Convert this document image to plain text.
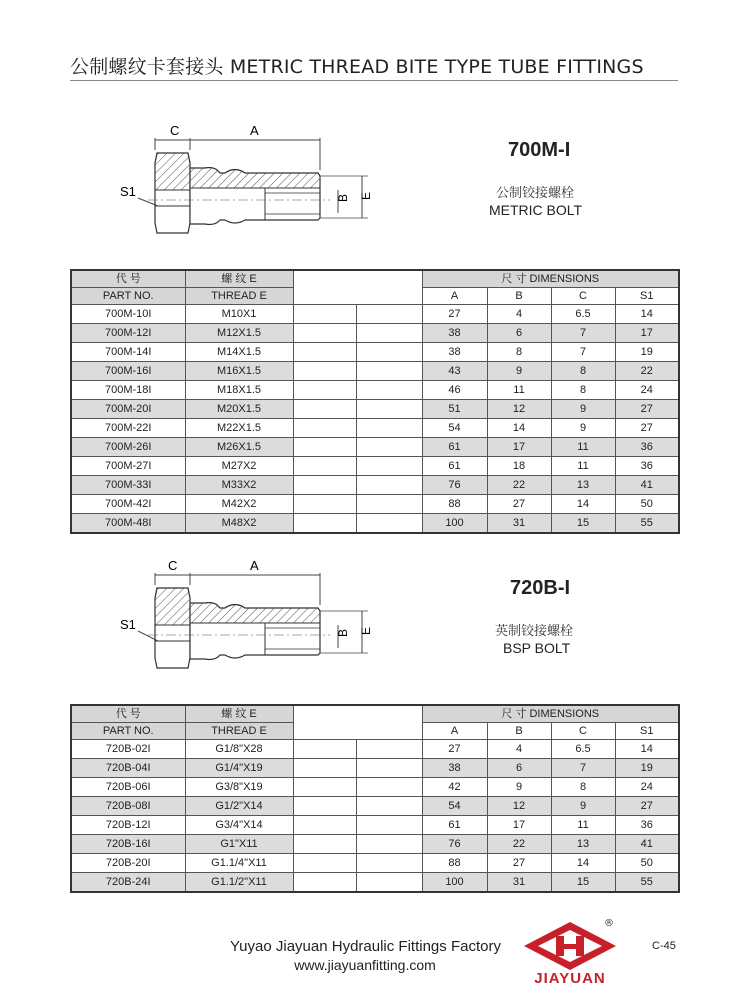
公制螺纹卡套接头 METRIC THREAD BITE TYPE TUBE FITTINGS
C	A
S1	B E
700M-I
公制铰接螺栓
METRIC BOLT
代 号	螺 纹 E			尺 寸 DIMENSIONS			
PART NO.	THREAD E			A	B	C	S1
700M-10I	M10X1			27	4	6.5	14
700M-12I	M12X1.5			38	6	7	17
700M-14I	M14X1.5			38	8	7	19
700M-16I	M16X1.5			43	9	8	22
700M-18I	M18X1.5			46	11	8	24
700M-20I	M20X1.5			51	12	9	27
700M-22I	M22X1.5			54	14	9	27
700M-26I	M26X1.5			61	17	11	36
700M-27I	M27X2			61	18	11	36
700M-33I	M33X2			76	22	13	41
700M-42I	M42X2			88	27	14	50
700M-48I	M48X2			100	31	15	55
C	A
S1
B E
720B-I
英制铰接螺栓
BSP BOLT
代 号	螺 纹 E			尺 寸 DIMENSIONS			
PART NO.	THREAD E			A	B	C	S1
720B-02I	G1/8"X28			27	4	6.5	14
720B-04I	G1/4"X19			38	6	7	19
720B-06I	G3/8"X19			42	9	8	24
720B-08I	G1/2"X14			54	12	9	27
720B-12I	G3/4"X14			61	17	11	36
720B-16I	G1"X11			76	22	13	41
720B-20I	G1.1/4"X11			88	27	14	50
720B-24I	G1.1/2"X11			100	31	15	55
Yuyao Jiayuan Hydraulic Fittings Factory
www.jiayuanfitting.com
®
JIAYUAN
C-45
